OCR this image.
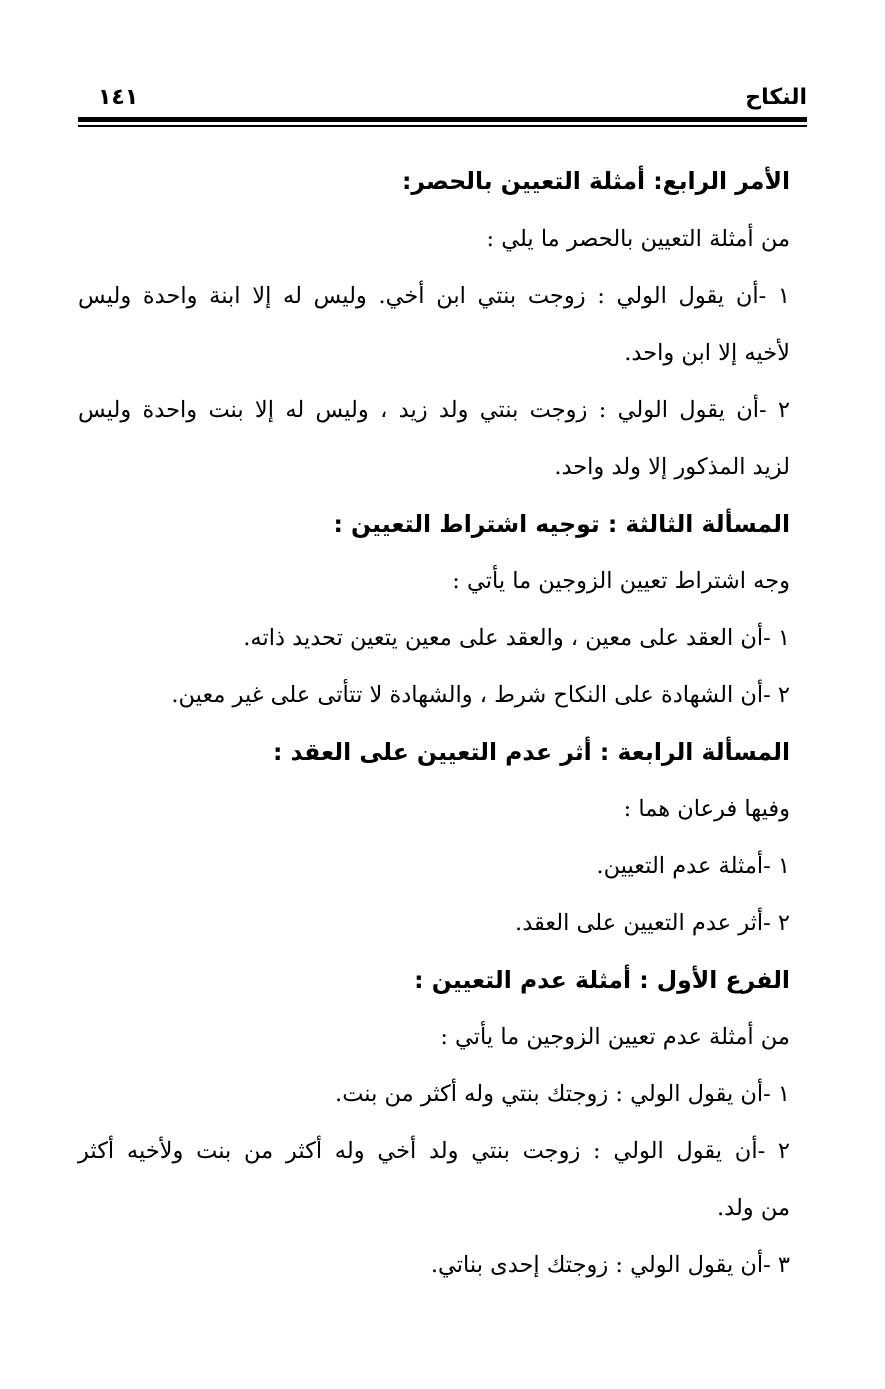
النكاح
١٤١
الأمر الرابع: أمثلة التعيين بالحصر:
من أمثلة التعيين بالحصر ما يلي :
١ -أن يقول الولي : زوجت بنتي ابن أخي. وليس له إلا ابنة واحدة وليس
لأخيه إلا ابن واحد.
٢ -أن يقول الولي : زوجت بنتي ولد زيد ، وليس له إلا بنت واحدة وليس
لزيد المذكور إلا ولد واحد.
المسألة الثالثة : توجيه اشتراط التعيين :
وجه اشتراط تعيين الزوجين ما يأتي :
١ -أن العقد على معين ، والعقد على معين يتعين تحديد ذاته.
٢ -أن الشهادة على النكاح شرط ، والشهادة لا تتأتى على غير معين.
المسألة الرابعة : أثر عدم التعيين على العقد :
وفيها فرعان هما :
١ -أمثلة عدم التعيين.
٢ -أثر عدم التعيين على العقد.
الفرع الأول : أمثلة عدم التعيين :
من أمثلة عدم تعيين الزوجين ما يأتي :
١ -أن يقول الولي : زوجتك بنتي وله أكثر من بنت.
٢ -أن يقول الولي : زوجت بنتي ولد أخي وله أكثر من بنت ولأخيه أكثر
من ولد.
٣ -أن يقول الولي : زوجتك إحدى بناتي.
